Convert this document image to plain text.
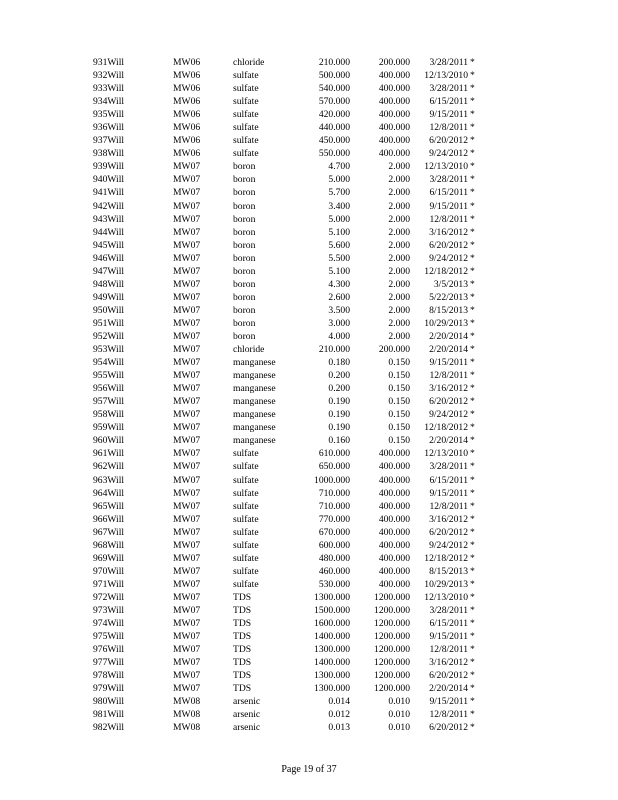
931Will	MW06	chloride	210.000	200.000 3/28/2011 *
932Will	MW06	sulfate	500.000	400.000 12/13/2010 *
933Will	MW06	sulfate	540.000	400.000 3/28/2011 *
934Will	MW06	sulfate	570.000	400.000 6/15/2011 *
935Will	MW06	sulfate	420.000	400.000 9/15/2011 *
936Will	MW06	sulfate	440.000	400.000 12/8/2011 *
937Will	MW06	sulfate	450.000	400.000 6/20/2012 *
938Will	MW06	sulfate	550.000	400.000 9/24/2012 *
939Will	MW07	boron	4.700	2.000 12/13/2010 *
940Will	MW07	boron	5.000	2.000 3/28/2011 *
941Will	MW07	boron	5.700	2.000 6/15/2011 *
942Will	MW07	boron	3.400	2.000 9/15/2011 *
943Will	MW07	boron	5.000	2.000 12/8/2011 *
944Will	MW07	boron	5.100	2.000 3/16/2012 *
945Will	MW07	boron	5.600	2.000 6/20/2012 *
946Will	MW07	boron	5.500	2.000 9/24/2012 *
947Will	MW07	boron	5.100	2.000 12/18/2012 *
948Will	MW07	boron	4.300	2.000 3/5/2013 *
949Will	MW07	boron	2.600	2.000 5/22/2013 *
950Will	MW07	boron	3.500	2.000 8/15/2013 *
951Will	MW07	boron	3.000	2.000 10/29/2013 *
952Will	MW07	boron	4.000	2.000 2/20/2014 *
953Will	MW07	chloride	210.000	200.000 2/20/2014 *
954Will	MW07	manganese	0.180	0.150 9/15/2011 *
955Will	MW07	manganese	0.200	0.150 12/8/2011 *
956Will	MW07	manganese	0.200	0.150 3/16/2012 *
957Will	MW07	manganese	0.190	0.150 6/20/2012 *
958Will	MW07	manganese	0.190	0.150 9/24/2012 *
959Will	MW07	manganese	0.190	0.150 12/18/2012 *
960Will	MW07	manganese	0.160	0.150 2/20/2014 *
961Will	MW07	sulfate	610.000	400.000 12/13/2010 *
962Will	MW07	sulfate	650.000	400.000 3/28/2011 *
963Will	MW07	sulfate	1000.000	400.000 6/15/2011 *
964Will	MW07	sulfate	710.000	400.000 9/15/2011 *
965Will	MW07	sulfate	710.000	400.000 12/8/2011 *
966Will	MW07	sulfate	770.000	400.000 3/16/2012 *
967Will	MW07	sulfate	670.000	400.000 6/20/2012 *
968Will	MW07	sulfate	600.000	400.000 9/24/2012 *
969Will	MW07	sulfate	480.000	400.000 12/18/2012 *
970Will	MW07	sulfate	460.000	400.000 8/15/2013 *
971Will	MW07	sulfate	530.000	400.000 10/29/2013 *
972Will	MW07	TDS	1300.000	1200.000 12/13/2010 *
973Will	MW07	TDS	1500.000	1200.000 3/28/2011 *
974Will	MW07	TDS	1600.000	1200.000 6/15/2011 *
975Will	MW07	TDS	1400.000	1200.000 9/15/2011 *
976Will	MW07	TDS	1300.000	1200.000 12/8/2011 *
977Will	MW07	TDS	1400.000	1200.000 3/16/2012 *
978Will	MW07	TDS	1300.000	1200.000 6/20/2012 *
979Will	MW07	TDS	1300.000	1200.000 2/20/2014 *
980Will	MW08	arsenic	0.014	0.010 9/15/2011 *
981Will	MW08	arsenic	0.012	0.010 12/8/2011 *
982Will	MW08	arsenic	0.013	0.010 6/20/2012 *
Page 19 of 37
